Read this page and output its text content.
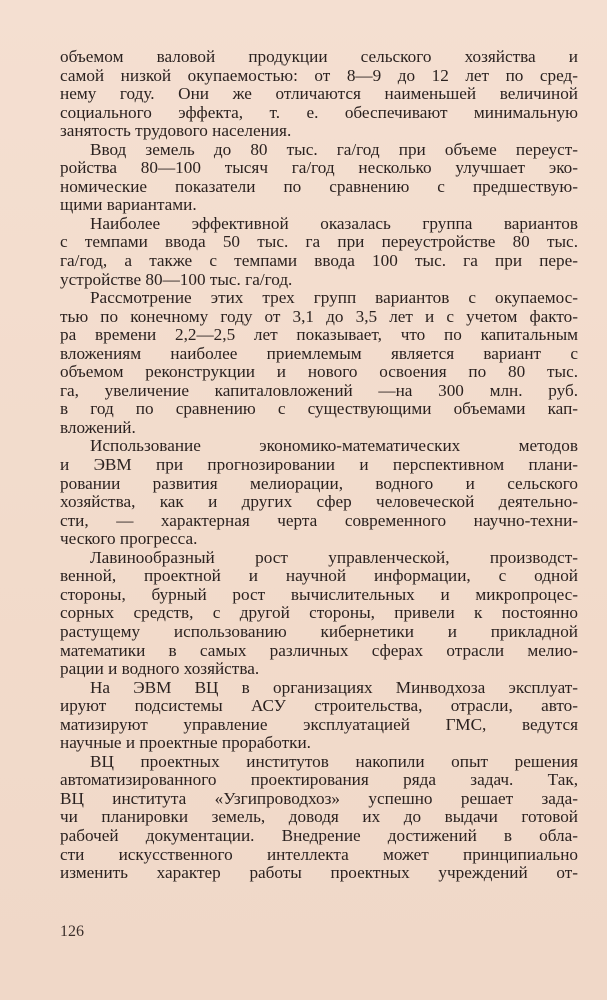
объемом валовой продукции сельского хозяйства и
самой низкой окупаемостью: от 8—9 до 12 лет по сред-
нему году. Они же отличаются наименьшей величиной
социального эффекта, т. е. обеспечивают минимальную
занятость трудового населения.
Ввод земель до 80 тыс. га/год при объеме переуст-
ройства 80—100 тысяч га/год несколько улучшает эко-
номические показатели по сравнению с предшествую-
щими вариантами.
Наиболее эффективной оказалась группа вариантов
с темпами ввода 50 тыс. га при переустройстве 80 тыс.
га/год, а также с темпами ввода 100 тыс. га при пере-
устройстве 80—100 тыс. га/год.
Рассмотрение этих трех групп вариантов с окупаемос-
тью по конечному году от 3,1 до 3,5 лет и с учетом факто-
ра времени 2,2—2,5 лет показывает, что по капитальным
вложениям наиболее приемлемым является вариант с
объемом реконструкции и нового освоения по 80 тыс.
га, увеличение капиталовложений —на 300 млн. руб.
в год по сравнению с существующими объемами кап-
вложений.
Использование экономико-математических методов
и ЭВМ при прогнозировании и перспективном плани-
ровании развития мелиорации, водного и сельского
хозяйства, как и других сфер человеческой деятельно-
сти, — характерная черта современного научно-техни-
ческого прогресса.
Лавинообразный рост управленческой, производст-
венной, проектной и научной информации, с одной
стороны, бурный рост вычислительных и микропроцес-
сорных средств, с другой стороны, привели к постоянно
растущему использованию кибернетики и прикладной
математики в самых различных сферах отрасли мелио-
рации и водного хозяйства.
На ЭВМ ВЦ в организациях Минводхоза эксплуат-
ируют подсистемы АСУ строительства, отрасли, авто-
матизируют управление эксплуатацией ГМС, ведутся
научные и проектные проработки.
ВЦ проектных институтов накопили опыт решения
автоматизированного проектирования ряда задач. Так,
ВЦ института «Узгипроводхоз» успешно решает зада-
чи планировки земель, доводя их до выдачи готовой
рабочей документации. Внедрение достижений в обла-
сти искусственного интеллекта может принципиально
изменить характер работы проектных учреждений от-
126
